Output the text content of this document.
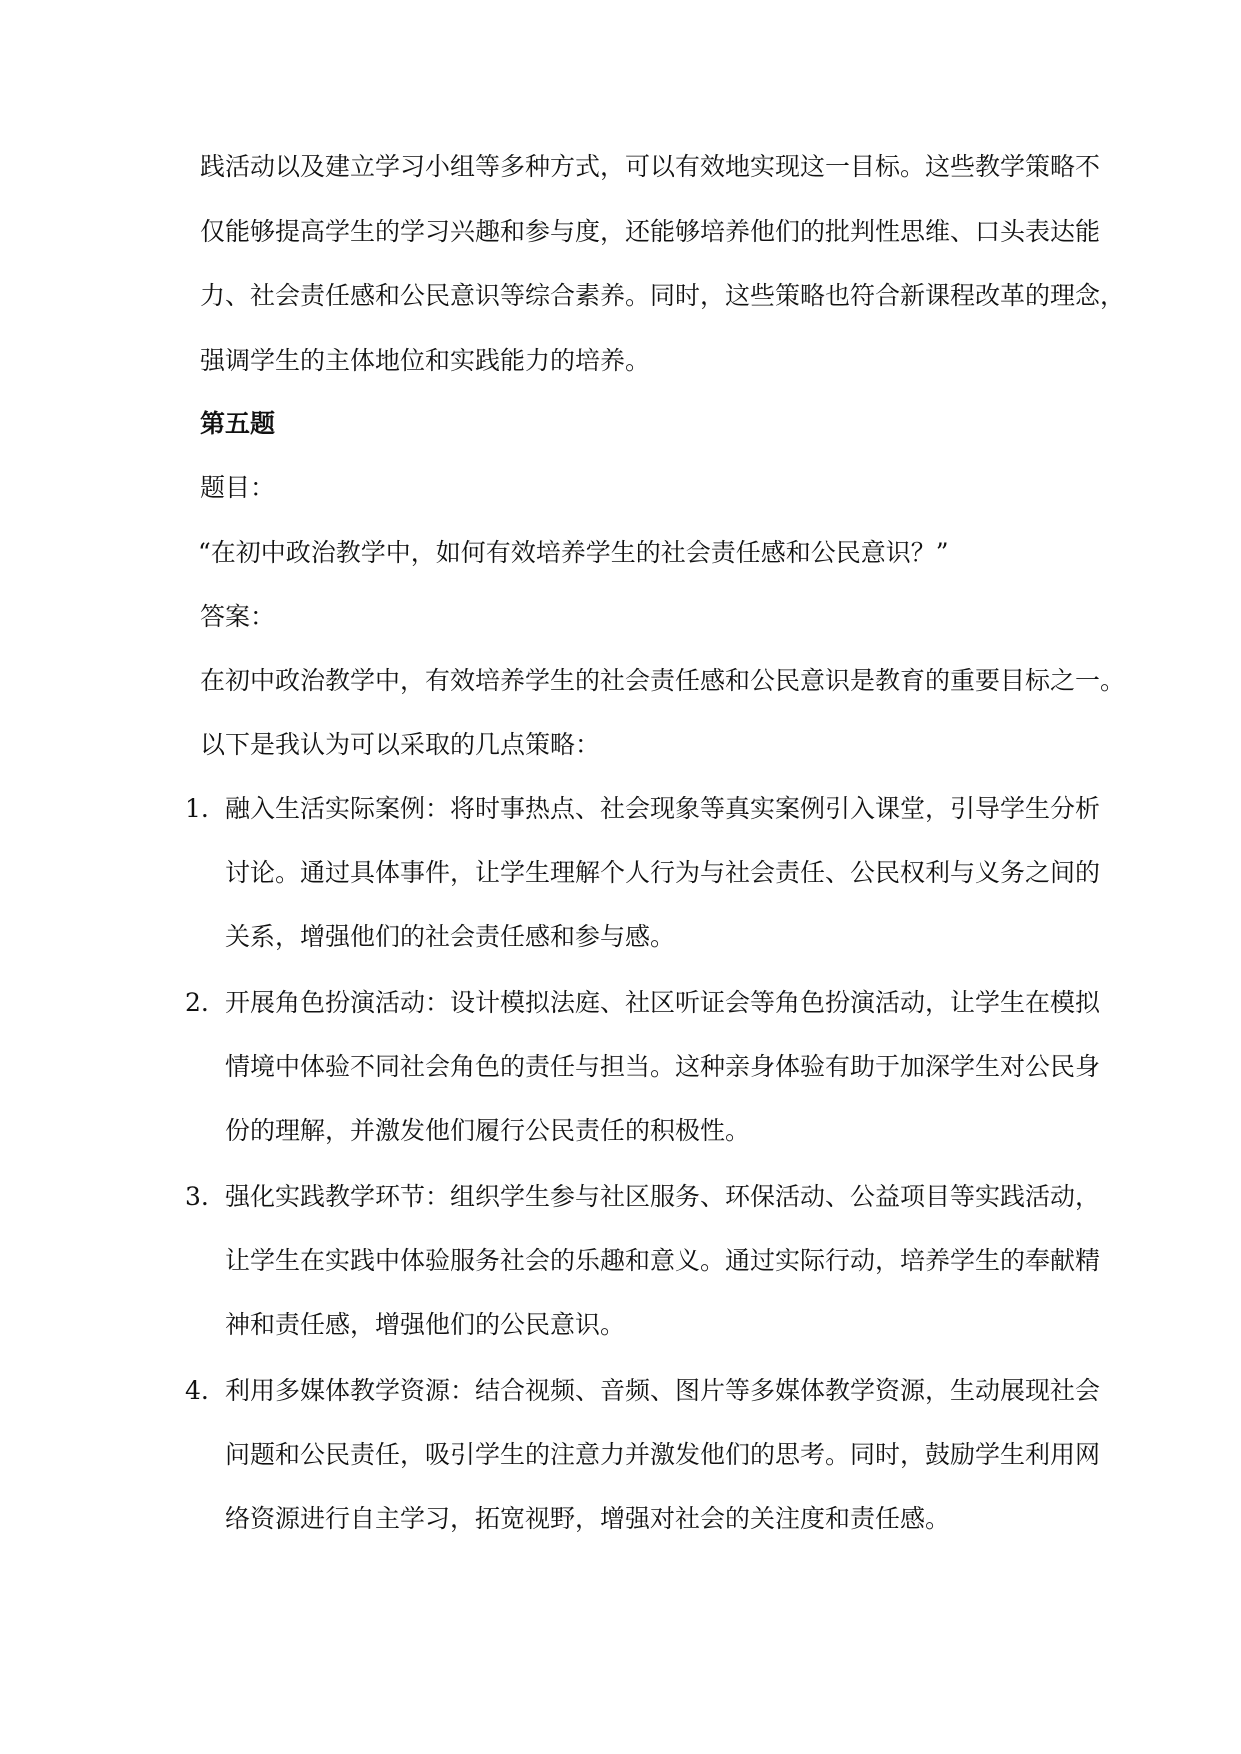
践活动以及建立学习小组等多种方式，可以有效地实现这一目标。这些教学策略不
仅能够提高学生的学习兴趣和参与度，还能够培养他们的批判性思维、口头表达能
力、社会责任感和公民意识等综合素养。同时，这些策略也符合新课程改革的理念，
强调学生的主体地位和实践能力的培养。
第五题
题目：
“在初中政治教学中，如何有效培养学生的社会责任感和公民意识？”
答案：
在初中政治教学中，有效培养学生的社会责任感和公民意识是教育的重要目标之一。
以下是我认为可以采取的几点策略：
1. 融入生活实际案例：将时事热点、社会现象等真实案例引入课堂，引导学生分析
讨论。通过具体事件，让学生理解个人行为与社会责任、公民权利与义务之间的
关系，增强他们的社会责任感和参与感。
2. 开展角色扮演活动：设计模拟法庭、社区听证会等角色扮演活动，让学生在模拟
情境中体验不同社会角色的责任与担当。这种亲身体验有助于加深学生对公民身
份的理解，并激发他们履行公民责任的积极性。
3. 强化实践教学环节：组织学生参与社区服务、环保活动、公益项目等实践活动，
让学生在实践中体验服务社会的乐趣和意义。通过实际行动，培养学生的奉献精
神和责任感，增强他们的公民意识。
4. 利用多媒体教学资源：结合视频、音频、图片等多媒体教学资源，生动展现社会
问题和公民责任，吸引学生的注意力并激发他们的思考。同时，鼓励学生利用网
络资源进行自主学习，拓宽视野，增强对社会的关注度和责任感。
